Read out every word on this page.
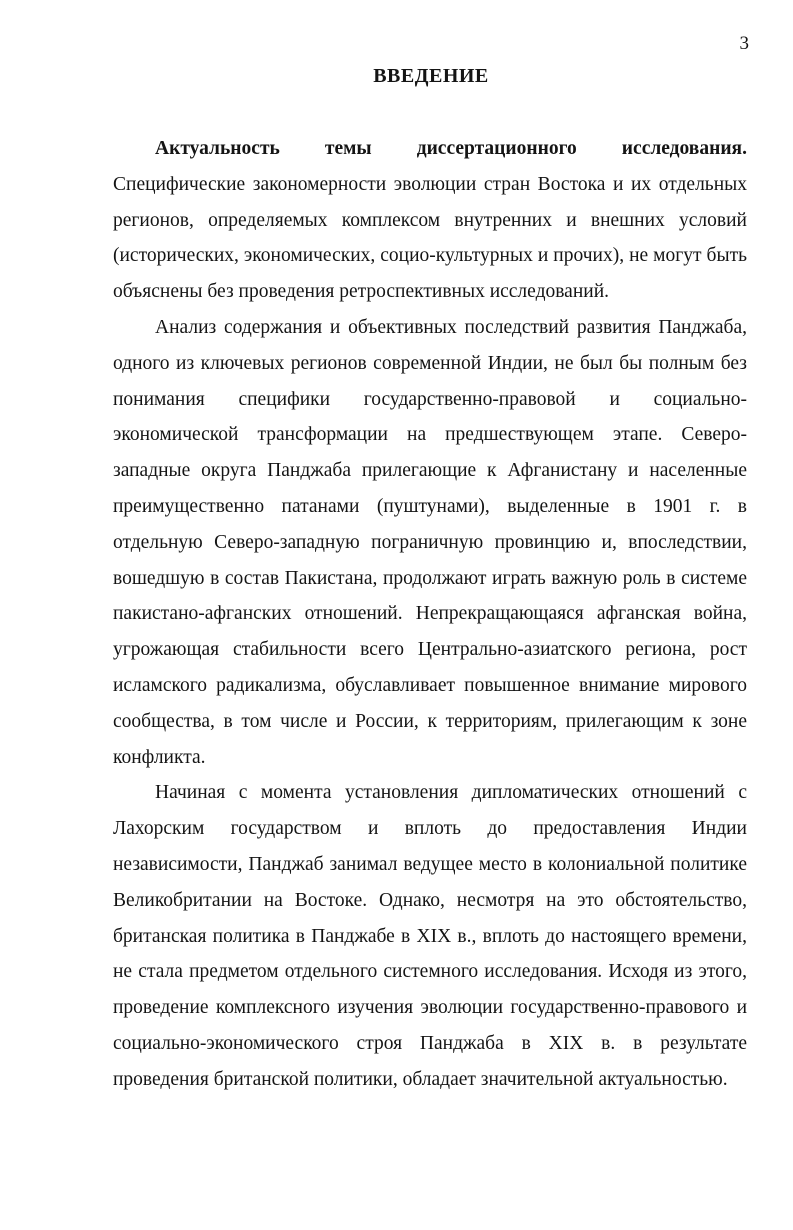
3
ВВЕДЕНИЕ

Актуальность темы диссертационного исследования. Специфические закономерности эволюции стран Востока и их отдельных регионов, определяемых комплексом внутренних и внешних условий (исторических, экономических, социо-культурных и прочих), не могут быть объяснены без проведения ретроспективных исследований.

Анализ содержания и объективных последствий развития Панджаба, одного из ключевых регионов современной Индии, не был бы полным без понимания специфики государственно-правовой и социально-экономической трансформации на предшествующем этапе. Северо-западные округа Панджаба прилегающие к Афганистану и населенные преимущественно патанами (пуштунами), выделенные в 1901 г. в отдельную Северо-западную пограничную провинцию и, впоследствии, вошедшую в состав Пакистана, продолжают играть важную роль в системе пакистано-афганских отношений. Непрекращающаяся афганская война, угрожающая стабильности всего Центрально-азиатского региона, рост исламского радикализма, обуславливает повышенное внимание мирового сообщества, в том числе и России, к территориям, прилегающим к зоне конфликта.

Начиная с момента установления дипломатических отношений с Лахорским государством и вплоть до предоставления Индии независимости, Панджаб занимал ведущее место в колониальной политике Великобритании на Востоке. Однако, несмотря на это обстоятельство, британская политика в Панджабе в XIX в., вплоть до настоящего времени, не стала предметом отдельного системного исследования. Исходя из этого, проведение комплексного изучения эволюции государственно-правового и социально-экономического строя Панджаба в XIX в. в результате проведения британской политики, обладает значительной актуальностью.
